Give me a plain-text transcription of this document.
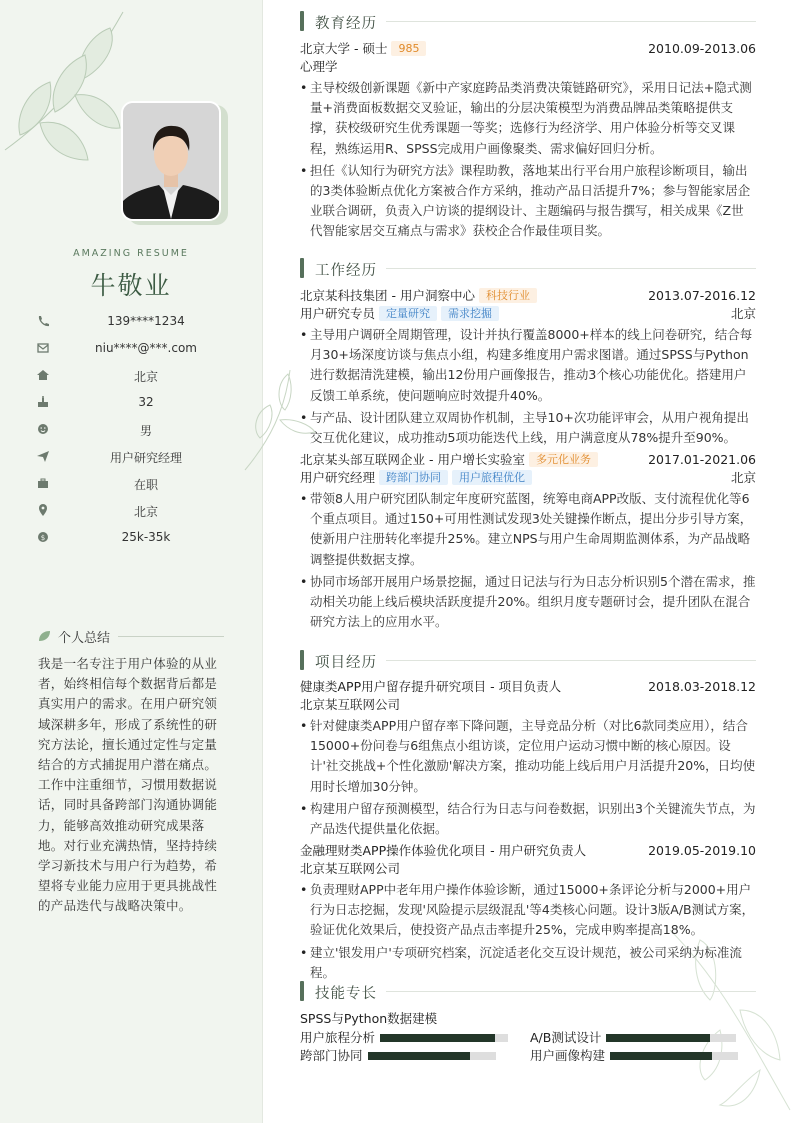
AMAZING RESUME
牛敬业
139****1234
niu****@***.com
北京
32
男
用户研究经理
在职
北京
$	25k-35k
个人总结
我是一名专注于用户体验的从业者，始终相信每个数据背后都是真实用户的需求。在用户研究领域深耕多年，形成了系统性的研究方法论，擅长通过定性与定量结合的方式捕捉用户潜在痛点。工作中注重细节，习惯用数据说话，同时具备跨部门沟通协调能力，能够高效推动研究成果落地。对行业充满热情，坚持持续学习新技术与用户行为趋势，希望将专业能力应用于更具挑战性的产品迭代与战略决策中。
教育经历
北京大学 - 硕士 985	2010.09-2013.06
心理学
• 主导校级创新课题《新中产家庭跨品类消费决策链路研究》，采用日记法+隐式测量+消费面板数据交叉验证，输出的分层决策模型为消费品牌品类策略提供支撑，获校级研究生优秀课题一等奖；选修行为经济学、用户体验分析等交叉课程，熟练运用R、SPSS完成用户画像聚类、需求偏好回归分析。
• 担任《认知行为研究方法》课程助教，落地某出行平台用户旅程诊断项目，输出的3类体验断点优化方案被合作方采纳，推动产品日活提升7%；参与智能家居企业联合调研，负责入户访谈的提纲设计、主题编码与报告撰写，相关成果《Z世代智能家居交互痛点与需求》获校企合作最佳项目奖。
工作经历
北京某科技集团 - 用户洞察中心 科技行业	2013.07-2016.12
用户研究专员 定量研究 需求挖掘	北京
• 主导用户调研全周期管理，设计并执行覆盖8000+样本的线上问卷研究，结合每月30+场深度访谈与焦点小组，构建多维度用户需求图谱。通过SPSS与Python进行数据清洗建模，输出12份用户画像报告，推动3个核心功能优化。搭建用户反馈工单系统，使问题响应时效提升40%。
• 与产品、设计团队建立双周协作机制，主导10+次功能评审会，从用户视角提出交互优化建议，成功推动5项功能迭代上线，用户满意度从78%提升至90%。
北京某头部互联网企业 - 用户增长实验室 多元化业务	2017.01-2021.06
用户研究经理 跨部门协同 用户旅程优化	北京
• 带领8人用户研究团队制定年度研究蓝图，统筹电商APP改版、支付流程优化等6个重点项目。通过150+可用性测试发现3处关键操作断点，提出分步引导方案，使新用户注册转化率提升25%。建立NPS与用户生命周期监测体系，为产品战略调整提供数据支撑。
• 协同市场部开展用户场景挖掘，通过日记法与行为日志分析识别5个潜在需求，推动相关功能上线后模块活跃度提升20%。组织月度专题研讨会，提升团队在混合研究方法上的应用水平。
项目经历
健康类APP用户留存提升研究项目 - 项目负责人	2018.03-2018.12
北京某互联网公司
• 针对健康类APP用户留存率下降问题，主导竞品分析（对比6款同类应用），结合15000+份问卷与6组焦点小组访谈，定位用户运动习惯中断的核心原因。设计'社交挑战+个性化激励'解决方案，推动功能上线后用户月活提升20%，日均使用时长增加30分钟。
• 构建用户留存预测模型，结合行为日志与问卷数据，识别出3个关键流失节点，为产品迭代提供量化依据。
金融理财类APP操作体验优化项目 - 用户研究负责人	2019.05-2019.10
北京某互联网公司
• 负责理财APP中老年用户操作体验诊断，通过15000+条评论分析与2000+用户行为日志挖掘，发现'风险提示层级混乱'等4类核心问题。设计3版A/B测试方案，验证优化效果后，使投资产品点击率提升25%，完成申购率提高18%。
• 建立'银发用户'专项研究档案，沉淀适老化交互设计规范，被公司采纳为标准流程。
技能专长
SPSS与Python数据建模
用户旅程分析	A/B测试设计
跨部门协同	用户画像构建
